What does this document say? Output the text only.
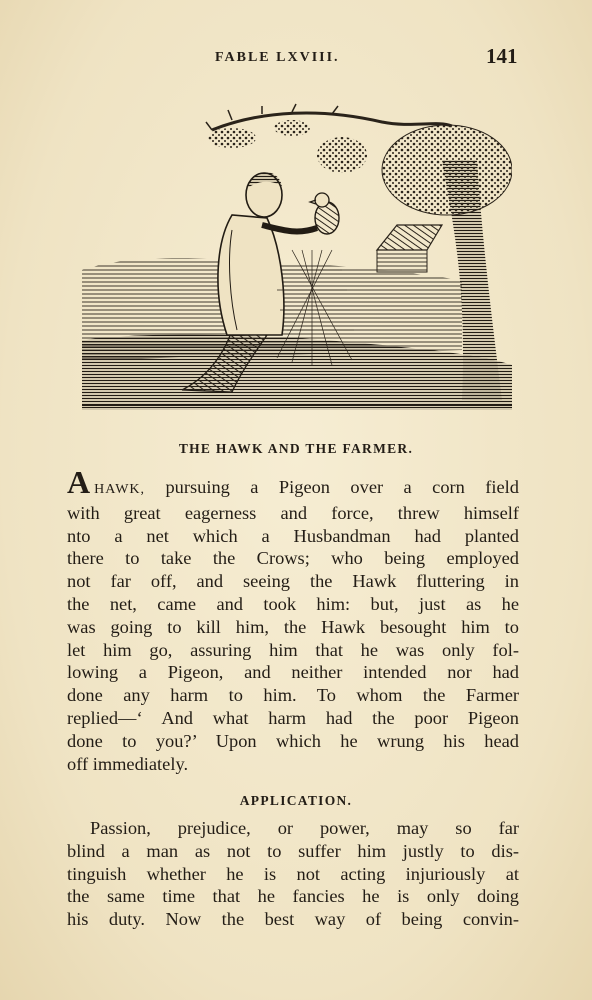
FABLE LXVIII.	141
THE HAWK AND THE FARMER.
AHAWK, pursuing a Pigeon over a corn field
with great eagerness and force, threw himself
nto a net which a Husbandman had planted
there to take the Crows; who being employed
not far off, and seeing the Hawk fluttering in
the net, came and took him: but, just as he
was going to kill him, the Hawk besought him to
let him go, assuring him that he was only fol-
lowing a Pigeon, and neither intended nor had
done any harm to him. To whom the Farmer
replied—‘ And what harm had the poor Pigeon
done to you?’ Upon which he wrung his head
off immediately.
APPLICATION.
Passion, prejudice, or power, may so far
blind a man as not to suffer him justly to dis-
tinguish whether he is not acting injuriously at
the same time that he fancies he is only doing
his duty. Now the best way of being convin-
